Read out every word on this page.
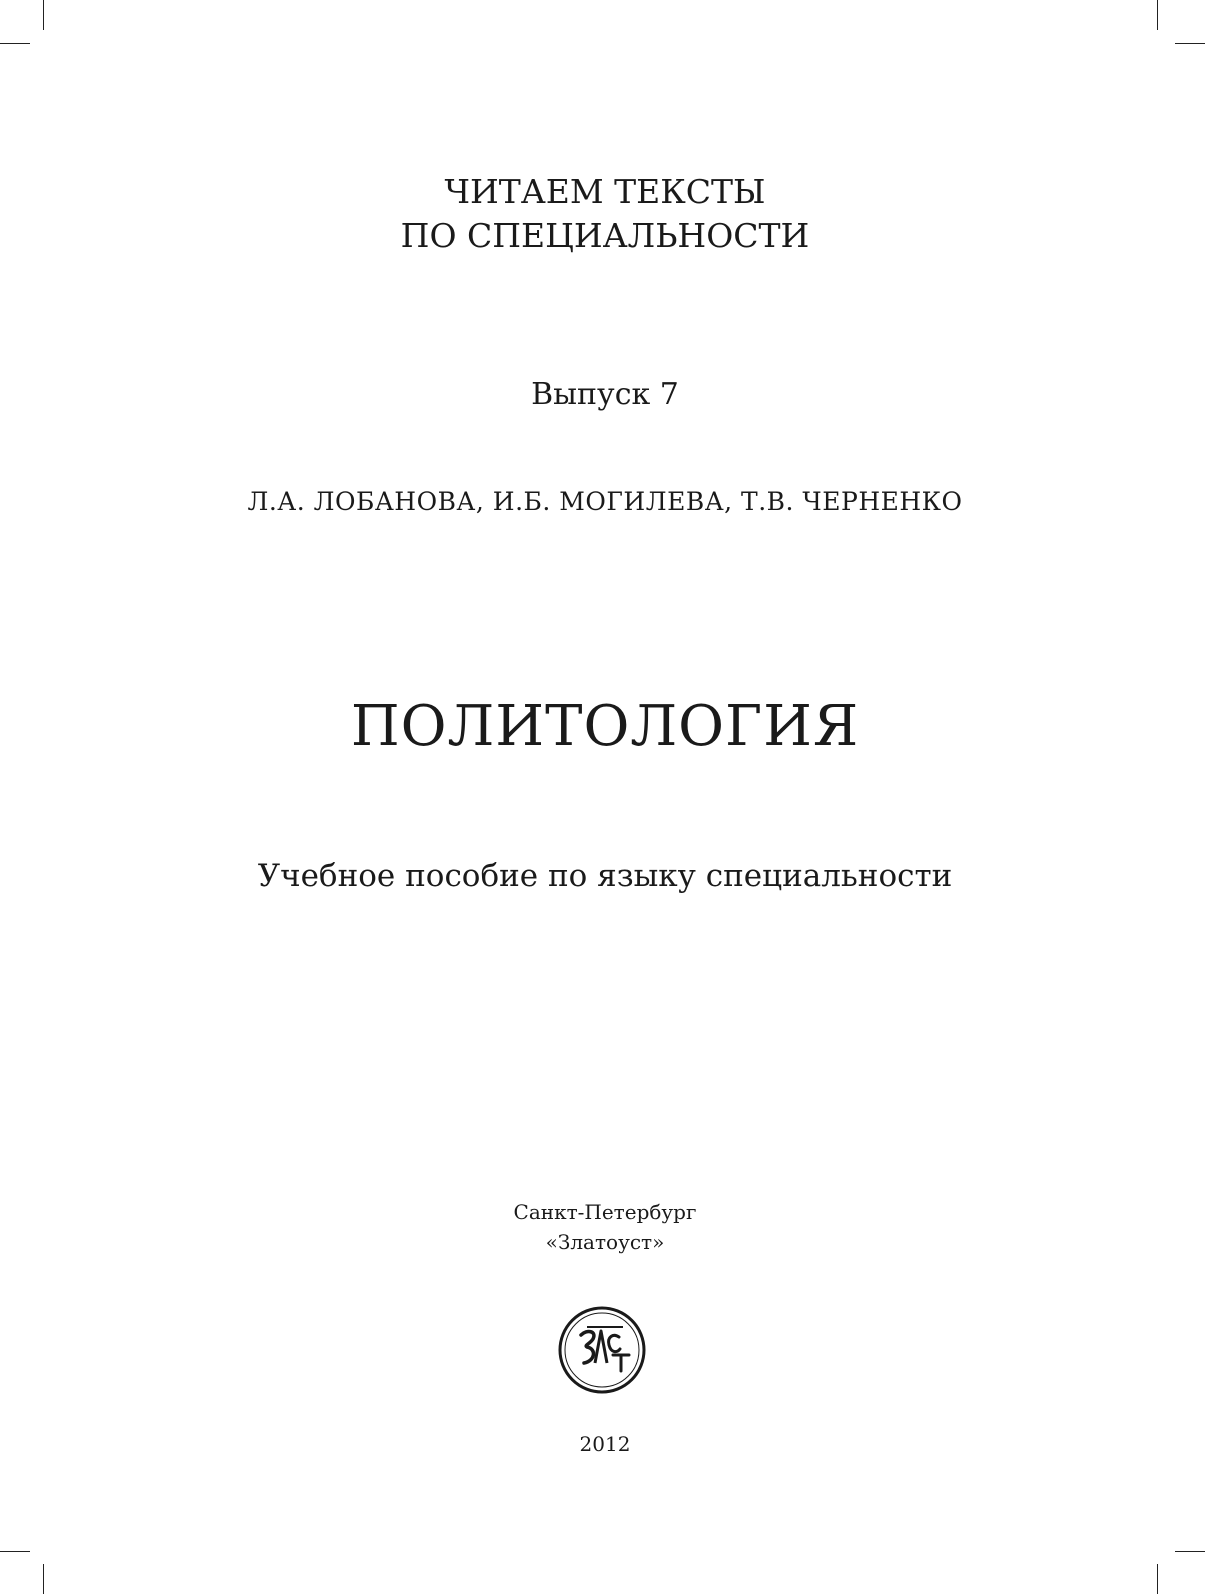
ЧИТАЕМ ТЕКСТЫ
ПО СПЕЦИАЛЬНОСТИ
Выпуск 7
Л.А. ЛОБАНОВА, И.Б. МОГИЛЕВА, Т.В. ЧЕРНЕНКО
ПОЛИТОЛОГИЯ
Учебное пособие по языку специальности
Санкт-Петербург
«Златоуст»
2012
